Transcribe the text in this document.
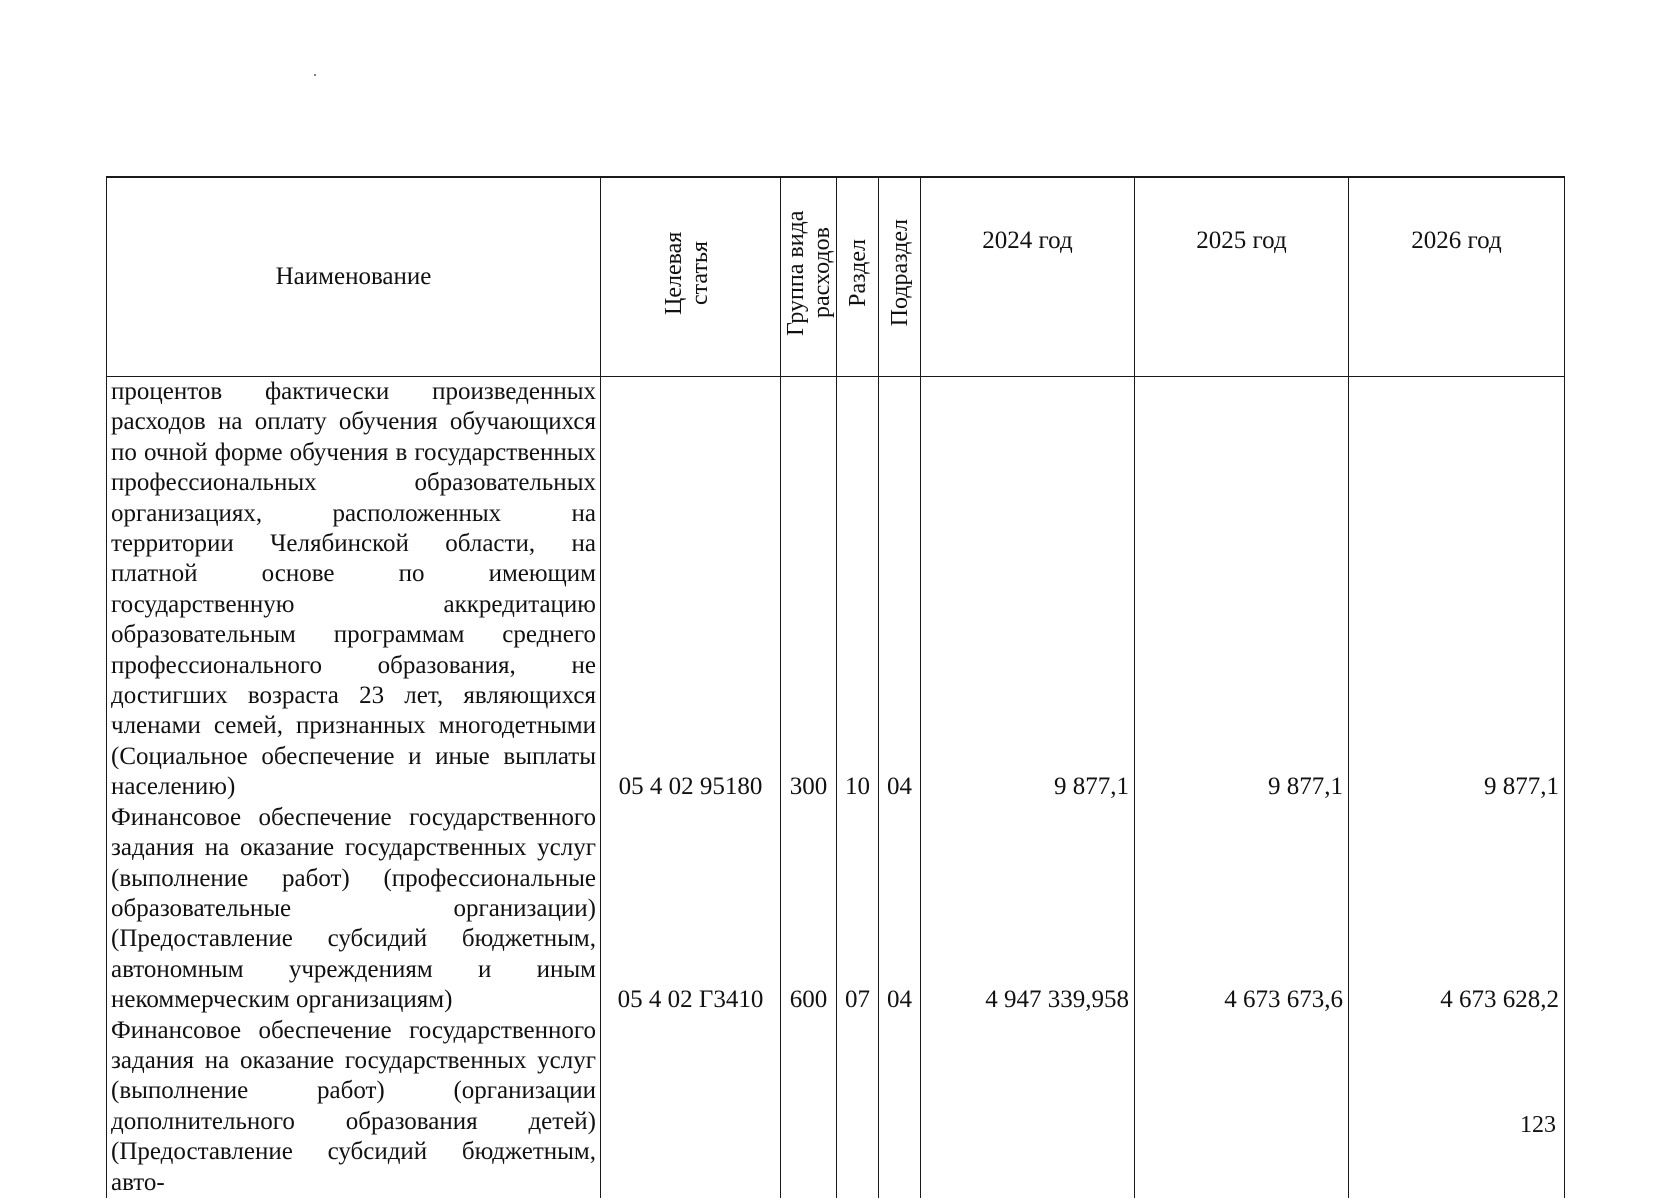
Наименование	Целевая статья	Группа вида расходов	Раздел	Подраздел	2024 год	2025 год	2026 год
процентов фактически произведенных расходов на оплату обучения обучающихся по очной форме обучения в государственных профессиональных образовательных организациях, расположенных на территории Челябинской области, на платной основе по имеющим государственную аккредитацию образовательным программам среднего профессионального образования, не достигших возраста 23 лет, являющихся членами семей, признанных многодетными (Социальное обеспечение и иные выплаты населению)	05 4 02 95180	300	10	04	9 877,1	9 877,1	9 877,1
Финансовое обеспечение государственного задания на оказание государственных услуг (выполнение работ) (профессиональные образовательные организации) (Предоставление субсидий бюджетным, автономным учреждениям и иным некоммерческим организациям)	05 4 02 Г3410	600	07	04	4 947 339,958	4 673 673,6	4 673 628,2
Финансовое обеспечение государственного задания на оказание государственных услуг (выполнение работ) (организации дополнительного образования детей) (Предоставление субсидий бюджетным, авто-							
123
